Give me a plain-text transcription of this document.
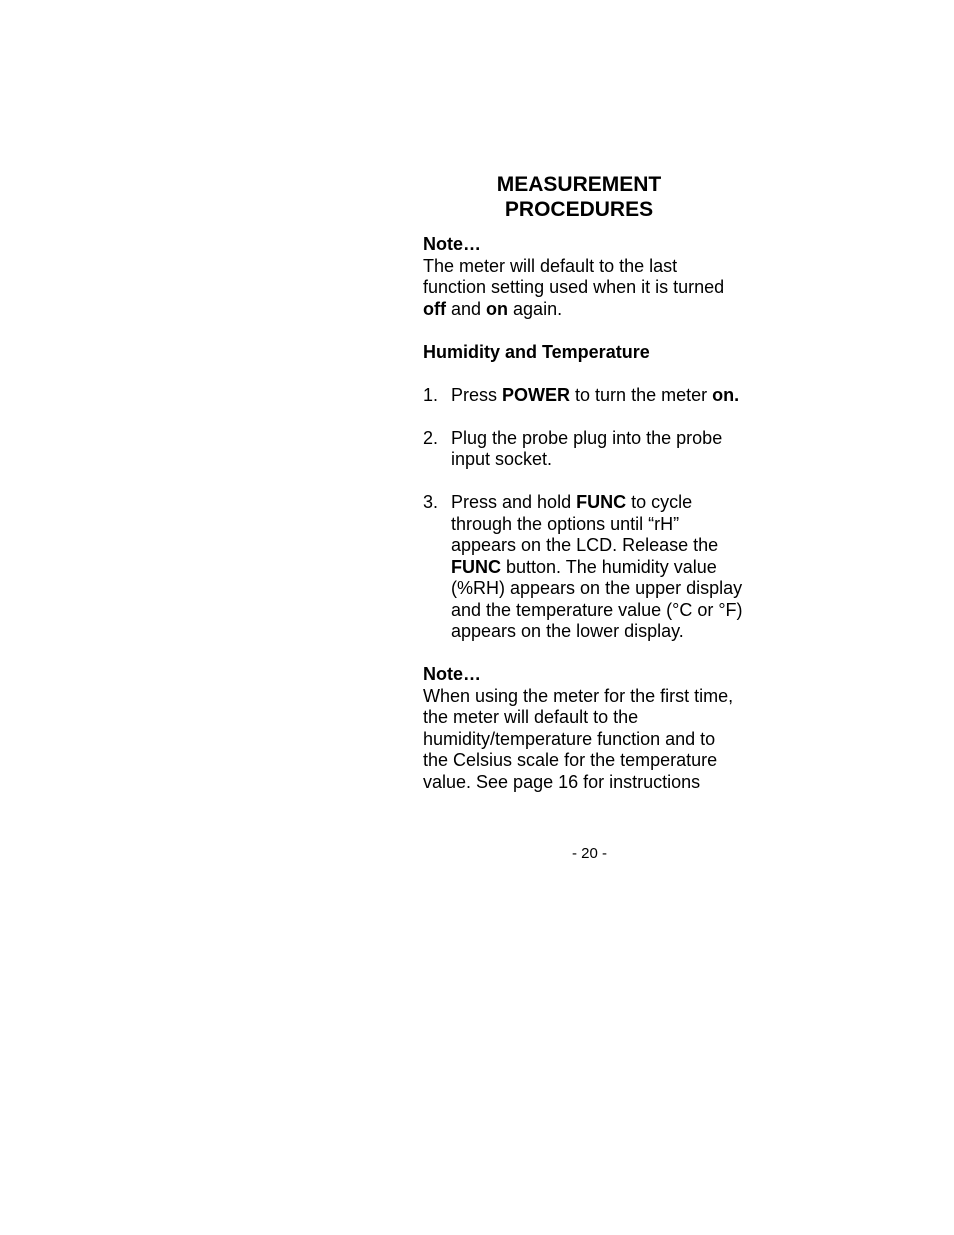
MEASUREMENT
PROCEDURES

Note…

The meter will default to the last function setting used when it is turned off and on again.

Humidity and Temperature

1. Press POWER to turn the meter on.
2. Plug the probe plug into the probe input socket.
3. Press and hold FUNC to cycle through the options until “rH” appears on the LCD. Release the FUNC button. The humidity value (%RH) appears on the upper display and the temperature value (°C or °F) appears on the lower display.

Note…

When using the meter for the first time, the meter will default to the humidity/temperature function and to the Celsius scale for the temperature value. See page 16 for instructions

- 20 -
